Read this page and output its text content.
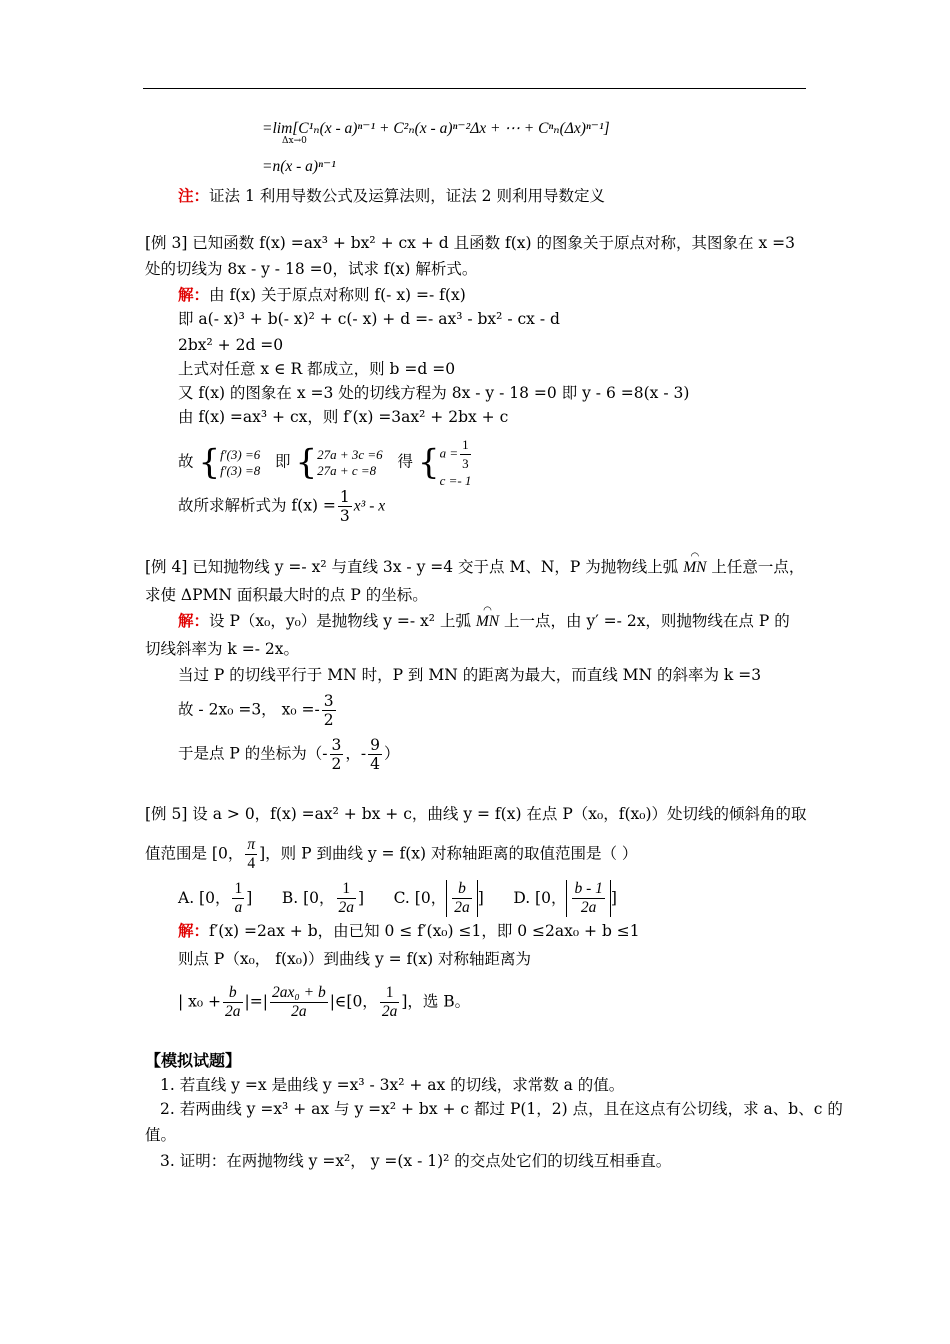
=lim[C¹ₙ(x - a)ⁿ⁻¹ + C²ₙ(x - a)ⁿ⁻²Δx + ⋯ + Cⁿₙ(Δx)ⁿ⁻¹]
Δx→0
=n(x - a)ⁿ⁻¹
注：证法 1 利用导数公式及运算法则，证法 2 则利用导数定义
[例 3] 已知函数 f(x) =ax³ + bx² + cx + d 且函数 f(x) 的图象关于原点对称，其图象在 x =3
处的切线为 8x - y - 18 =0，试求 f(x) 解析式。
解：由 f(x) 关于原点对称则 f(- x) =- f(x)
即 a(- x)³ + b(- x)² + c(- x) + d =- ax³ - bx² - cx - d
2bx² + 2d =0
上式对任意 x ∈ R 都成立，则 b =d =0
又 f(x) 的图象在 x =3 处的切线方程为 8x - y - 18 =0 即 y - 6 =8(x - 3)
由 f(x) =ax³ + cx，则 f′(x) =3ax² + 2bx + c
故 {f′(3) =6
f′(3) =8 即 {27a + 3c =6
27a + c =8 得 {$a = \frac{1}{3}$

c =- 1
故所求解析式为 $f(x) = \frac{1}{3} x^3 - x$
[例 4] 已知抛物线 y =- x² 与直线 3x - y =4 交于点 M、N，P 为抛物线上弧 ◠ MN 上任意一点，
求使 ΔPMN 面积最大时的点 P 的坐标。
解：设 P（x₀，y₀）是抛物线 y =- x² 上弧 ◠ MN 上一点，由 y′ =- 2x，则抛物线在点 P 的
切线斜率为 k =- 2x。
当过 P 的切线平行于 MN 时，P 到 MN 的距离为最大，而直线 MN 的斜率为 k =3
故 - 2x₀ =3， $x_0 =- \frac{3}{2}$
于是点 P 的坐标为（- $\frac{3}{2}$ ，- $\frac{9}{4}$ ）
[例 5] 设 a > 0，f(x) =ax² + bx + c，曲线 y = f(x) 在点 P（x₀，f(x₀)）处切线的倾斜角的取
值范围是 [0， $\frac{\pi}{4}$ ]，则 P 到曲线 y = f(x) 对称轴距离的取值范围是（ ）
A. [0， $\frac{1}{a}$ ] B. [0， $\frac{1}{2a}$ ] C. [0， $\frac{b}{2a}$ ] D. [0， $\frac{b - 1}{2a}$ ]
解：f′(x) =2ax + b，由已知 0 ≤ f′(x₀) ≤1，即 0 ≤2ax₀ + b ≤1
则点 P（x₀， f(x₀)）到曲线 y = f(x) 对称轴距离为
| $x_0 + \frac{b}{2a}$ |=| $\frac{\text{2ax₀ + b}}{2a}$ |∈[0， $\frac{1}{2a}$ ]，选 B。
【模拟试题】
1. 若直线 y =x 是曲线 y =x³ - 3x² + ax 的切线，求常数 a 的值。
2. 若两曲线 y =x³ + ax 与 y =x² + bx + c 都过 P(1，2) 点，且在这点有公切线，求 a、b、c 的
值。
3. 证明：在两抛物线 y =x²， y =(x - 1)² 的交点处它们的切线互相垂直。
